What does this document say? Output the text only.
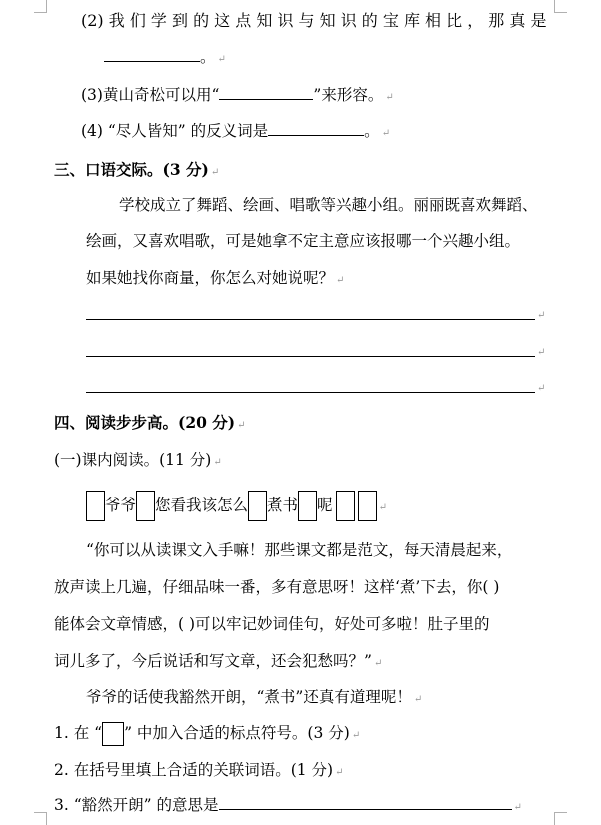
(2) 我 们 学 到 的 这 点 知 识 与 知 识 的 宝 库 相 比 ， 那 真 是
。 ↵
(3)黄山奇松可以用“	”来形容。 ↵
(4) “尽人皆知” 的反义词是	。 ↵
三、口语交际。(3 分) ↵
学校成立了舞蹈、绘画、唱歌等兴趣小组。丽丽既喜欢舞蹈、
绘画，又喜欢唱歌，可是她拿不定主意应该报哪一个兴趣小组。
如果她找你商量，你怎么对她说呢？ ↵
↵
↵
↵
四、阅读步步高。(20 分) ↵
(一)课内阅读。(11 分) ↵
爷爷 您看我该怎么 煮书 呢	↵
“你可以从读课文入手嘛！那些课文都是范文，每天清晨起来，
放声读上几遍，仔细品味一番，多有意思呀！这样‘煮’下去，你( )
能体会文章情感，( )可以牢记妙词佳句，好处可多啦！肚子里的
词儿多了，今后说话和写文章，还会犯愁吗？” ↵
爷爷的话使我豁然开朗，“煮书”还真有道理呢！ ↵
1. 在 “ ” 中加入合适的标点符号。(3 分) ↵
2. 在括号里填上合适的关联词语。(1 分) ↵
3. “豁然开朗” 的意思是	↵
